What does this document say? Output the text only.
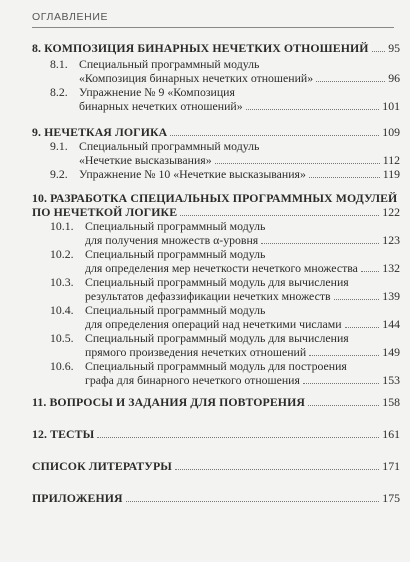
ОГЛАВЛЕНИЕ
8. КОМПОЗИЦИЯ БИНАРНЫХ НЕЧЕТКИХ ОТНОШЕНИЙ 95
8.1. Специальный программный модуль
«Композиция бинарных нечетких отношений»	96
8.2. Упражнение № 9 «Композиция
бинарных нечетких отношений»	101
9. НЕЧЕТКАЯ ЛОГИКА	109
9.1. Специальный программный модуль
«Нечеткие высказывания»	112
9.2. Упражнение № 10 «Нечеткие высказывания»	119
10. РАЗРАБОТКА СПЕЦИАЛЬНЫХ ПРОГРАММНЫХ МОДУЛЕЙ
ПО НЕЧЕТКОЙ ЛОГИКЕ	122
10.1. Специальный программный модуль
для получения множеств α-уровня	123
10.2. Специальный программный модуль
для определения мер нечеткости нечеткого множества 132
10.3. Специальный программный модуль для вычисления
результатов дефаззификации нечетких множеств	139
10.4. Специальный программный модуль
для определения операций над нечеткими числами	144
10.5. Специальный программный модуль для вычисления
прямого произведения нечетких отношений	149
10.6. Специальный программный модуль для построения
графа для бинарного нечеткого отношения	153
11. ВОПРОСЫ И ЗАДАНИЯ ДЛЯ ПОВТОРЕНИЯ	158
12. ТЕСТЫ	161
СПИСОК ЛИТЕРАТУРЫ	171
ПРИЛОЖЕНИЯ	175
